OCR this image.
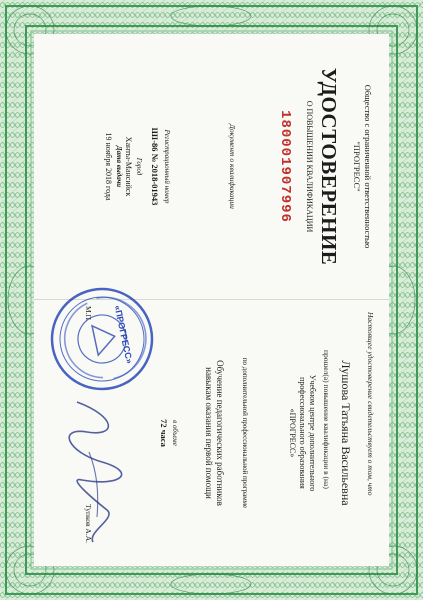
Общество с ограниченной ответственностью

"ПРОГРЕСС"

УДОСТОВЕРЕНИЕ

О ПОВЫШЕНИИ КВАЛИФИКАЦИИ

180001907996

Документ о квалификации

Регистрационный номер

ШІ-86 № 2018-01943

Город

Ханты-Мансийск

Дата выдачи

19 ноября 2018 года

Настоящее удостоверение свидетельствует о том, что

Лушова Татьяна Васильевна

прошел(а) повышение квалификации в (на)

Учебном центре дополнительного

профессионального образования

«ПРОГРЕСС»

по дополнительной профессиональной программе

Обучение педагогических работников

навыкам оказания первой помощи

в объеме

72 часа

М.П.

Тупков А.А.

«ПРОГРЕСС»
